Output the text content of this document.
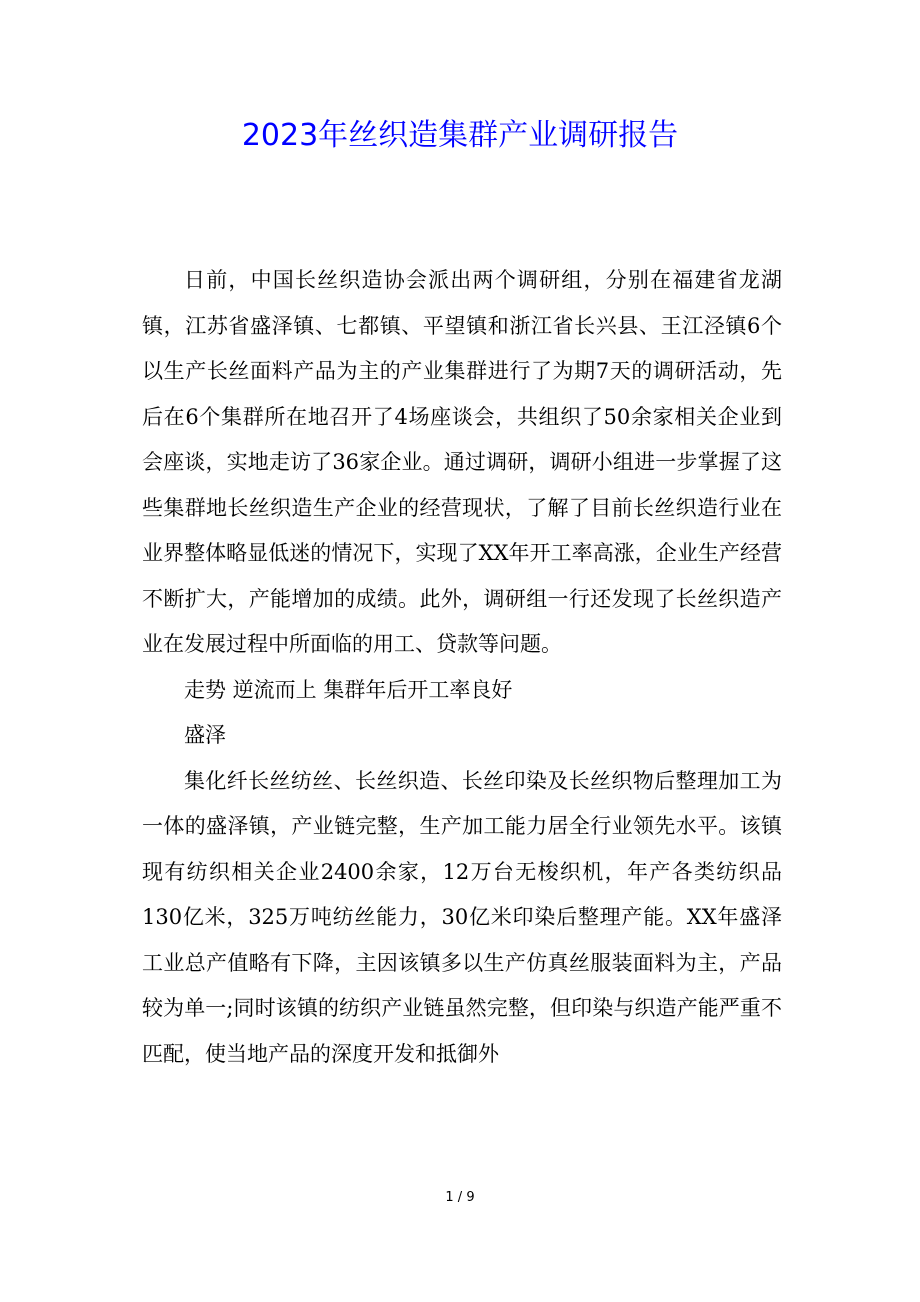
2023年丝织造集群产业调研报告

日前，中国长丝织造协会派出两个调研组，分别在福建省龙湖镇，江苏省盛泽镇、七都镇、平望镇和浙江省长兴县、王江泾镇6个以生产长丝面料产品为主的产业集群进行了为期7天的调研活动，先后在6个集群所在地召开了4场座谈会，共组织了50余家相关企业到会座谈，实地走访了36家企业。通过调研，调研小组进一步掌握了这些集群地长丝织造生产企业的经营现状，了解了目前长丝织造行业在业界整体略显低迷的情况下，实现了XX年开工率高涨，企业生产经营不断扩大，产能增加的成绩。此外，调研组一行还发现了长丝织造产业在发展过程中所面临的用工、贷款等问题。

走势 逆流而上 集群年后开工率良好

盛泽

集化纤长丝纺丝、长丝织造、长丝印染及长丝织物后整理加工为一体的盛泽镇，产业链完整，生产加工能力居全行业领先水平。该镇现有纺织相关企业2400余家，12万台无梭织机，年产各类纺织品130亿米，325万吨纺丝能力，30亿米印染后整理产能。XX年盛泽工业总产值略有下降，主因该镇多以生产仿真丝服装面料为主，产品较为单一;同时该镇的纺织产业链虽然完整，但印染与织造产能严重不匹配，使当地产品的深度开发和抵御外

1 / 9
